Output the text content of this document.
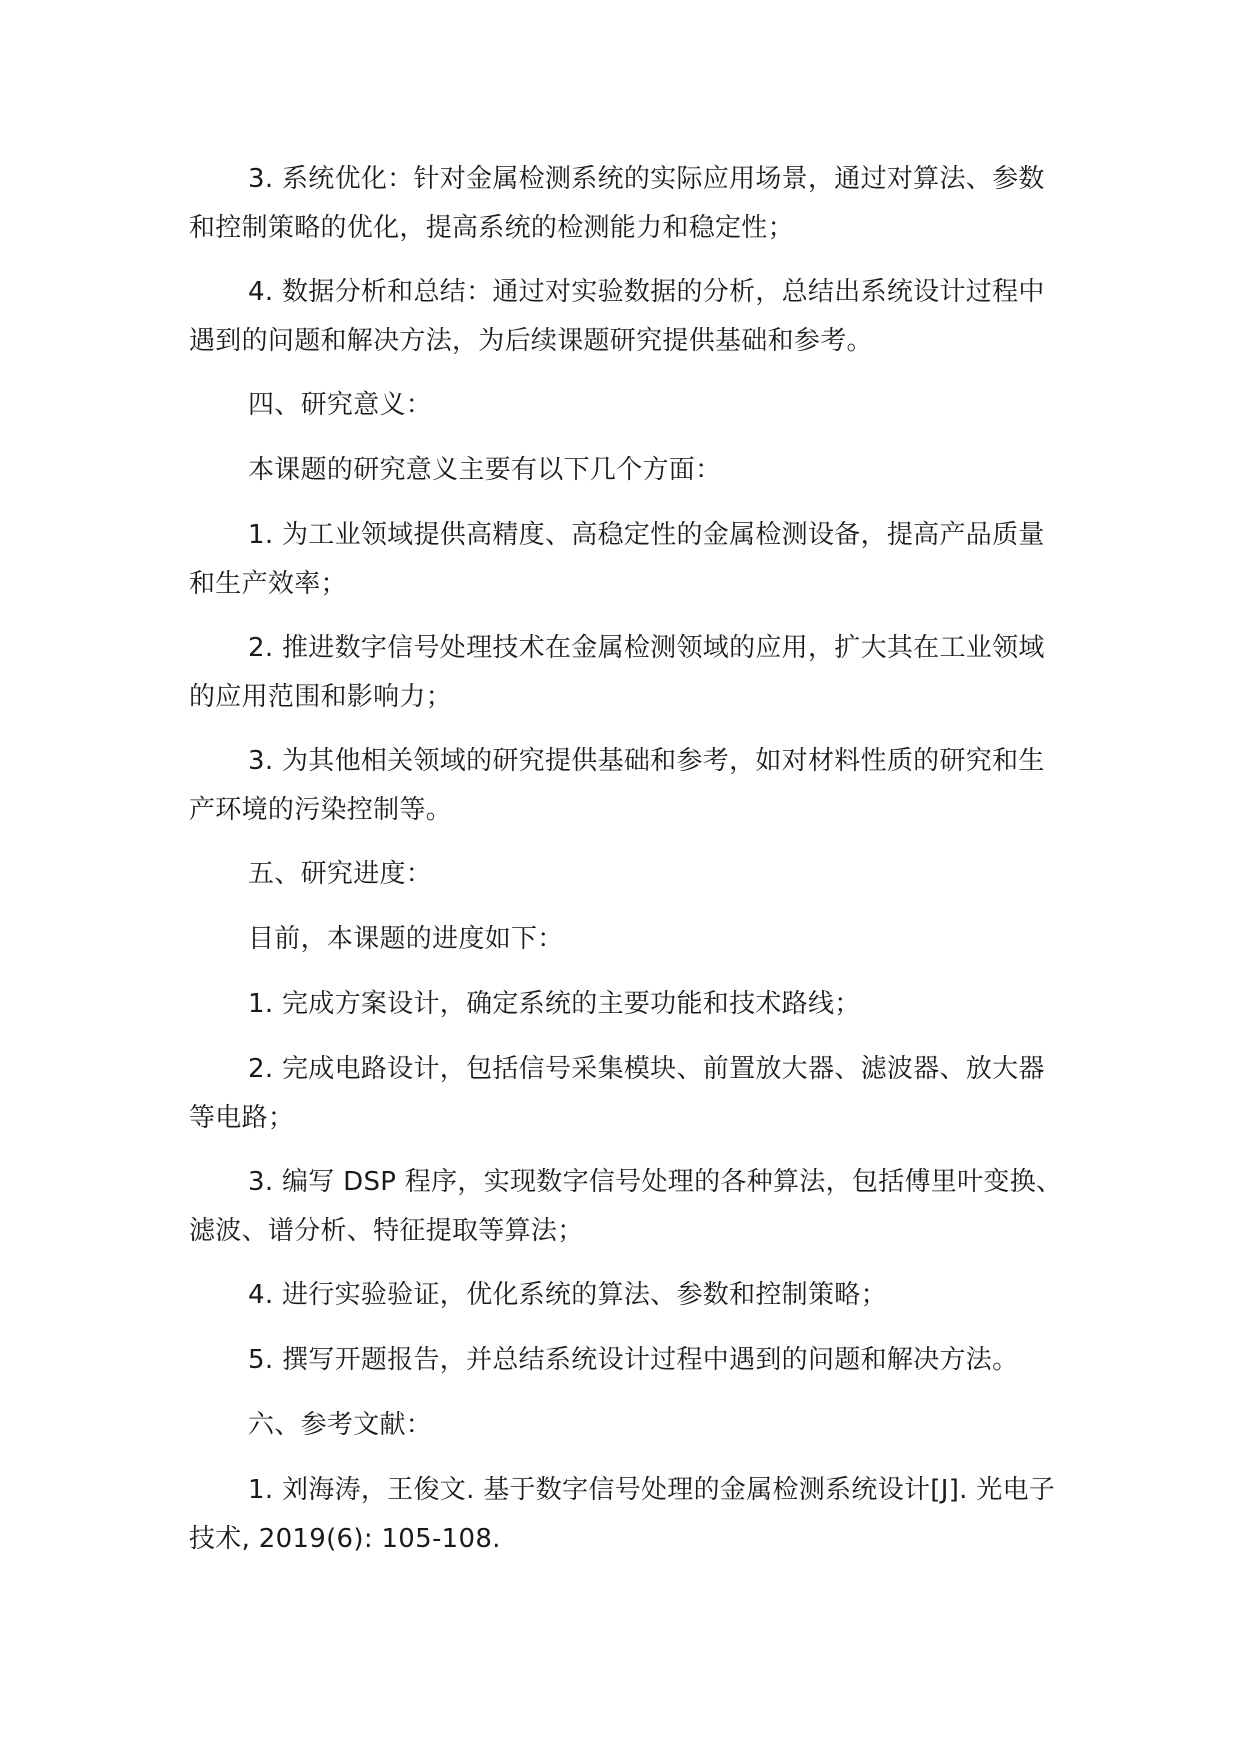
3. 系统优化：针对金属检测系统的实际应用场景，通过对算法、参数和控制策略的优化，提高系统的检测能力和稳定性；

4. 数据分析和总结：通过对实验数据的分析，总结出系统设计过程中遇到的问题和解决方法，为后续课题研究提供基础和参考。

四、研究意义：

本课题的研究意义主要有以下几个方面：

1. 为工业领域提供高精度、高稳定性的金属检测设备，提高产品质量和生产效率；

2. 推进数字信号处理技术在金属检测领域的应用，扩大其在工业领域的应用范围和影响力；

3. 为其他相关领域的研究提供基础和参考，如对材料性质的研究和生产环境的污染控制等。

五、研究进度：

目前，本课题的进度如下：

1. 完成方案设计，确定系统的主要功能和技术路线；

2. 完成电路设计，包括信号采集模块、前置放大器、滤波器、放大器等电路；

3. 编写 DSP 程序，实现数字信号处理的各种算法，包括傅里叶变换、滤波、谱分析、特征提取等算法；

4. 进行实验验证，优化系统的算法、参数和控制策略；

5. 撰写开题报告，并总结系统设计过程中遇到的问题和解决方法。

六、参考文献：

1. 刘海涛，王俊文. 基于数字信号处理的金属检测系统设计[J]. 光电子技术, 2019(6): 105-108.
